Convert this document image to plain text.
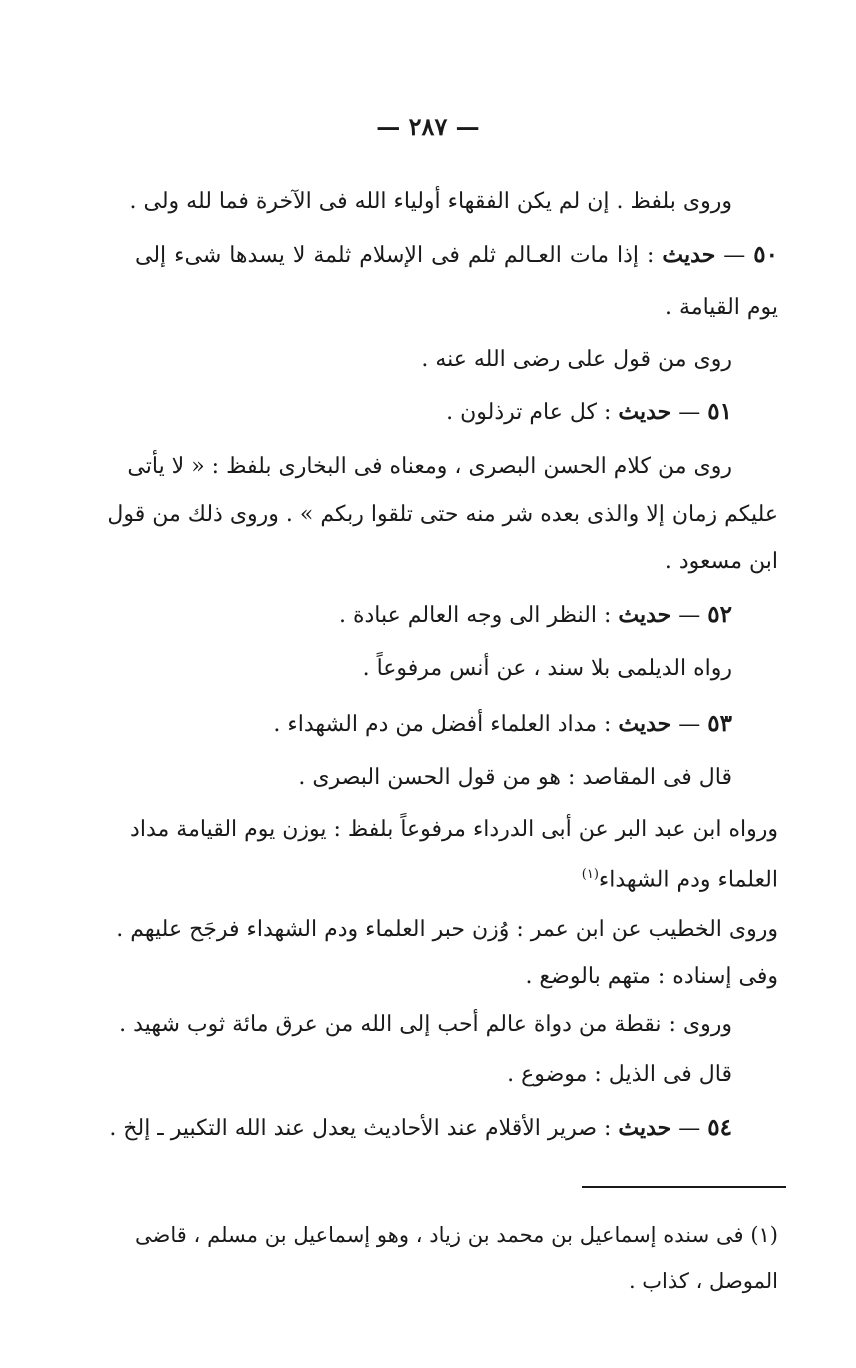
— ٢٨٧ —
وروى بلفظ . إن لم يكن الفقهاء أولياء الله فى الآخرة فما لله ولى .
٥٠ — حديث : إذا مات العـالم ثلم فى الإسلام ثلمة لا يسدها شىء إلى
يوم القيامة .
روى من قول على رضى الله عنه .
٥١ — حديث : كل عام ترذلون .
روى من كلام الحسن البصرى ، ومعناه فى البخارى بلفظ : « لا يأتى
عليكم زمان إلا والذى بعده شر منه حتى تلقوا ربكم » . وروى ذلك من قول
ابن مسعود .
٥٢ — حديث : النظر الى وجه العالم عبادة .
رواه الديلمى بلا سند ، عن أنس مرفوعاً .
٥٣ — حديث : مداد العلماء أفضل من دم الشهداء .
قال فى المقاصد : هو من قول الحسن البصرى .
ورواه ابن عبد البر عن أبى الدرداء مرفوعاً بلفظ : يوزن يوم القيامة مداد
العلماء ودم الشهداء$^{(١)}$
وروى الخطيب عن ابن عمر : وُزن حبر العلماء ودم الشهداء فرجَح عليهم .
وفى إسناده : متهم بالوضع .
وروى : نقطة من دواة عالم أحب إلى الله من عرق مائة ثوب شهيد .
قال فى الذيل : موضوع .
٥٤ — حديث : صرير الأقلام عند الأحاديث يعدل عند الله التكبير ـ إلخ .
(١) فى سنده إسماعيل بن محمد بن زياد ، وهو إسماعيل بن مسلم ، قاضى
الموصل ، كذاب .
